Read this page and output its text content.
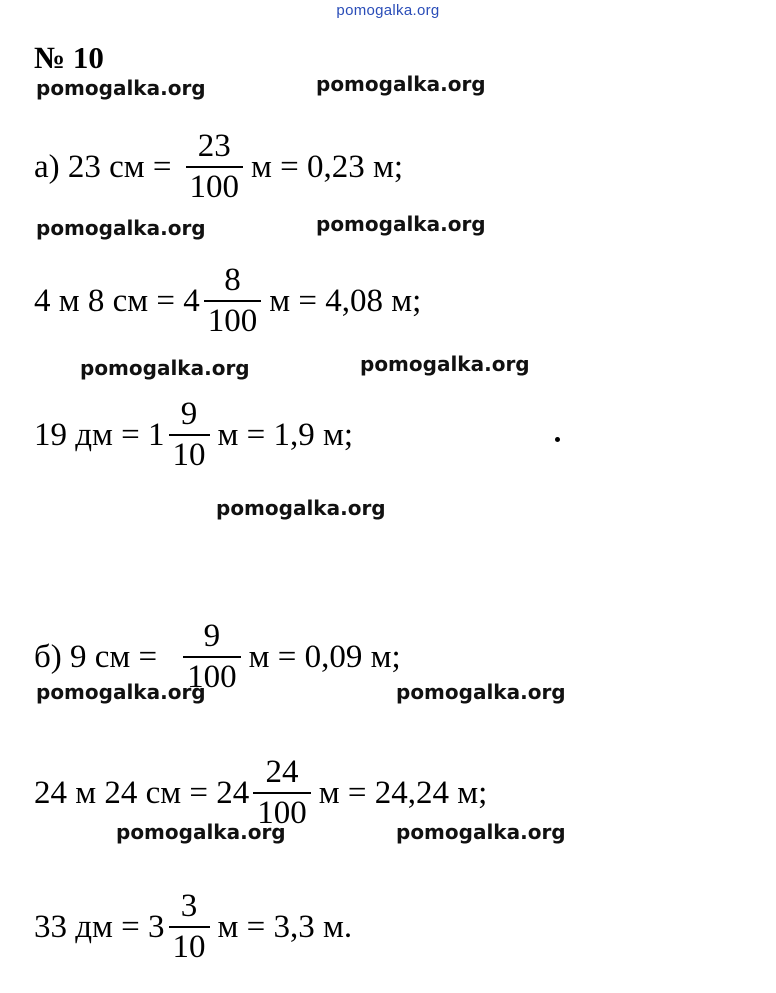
pomogalka.org
№ 10
pomogalka.org	pomogalka.org
pomogalka.org	pomogalka.org
pomogalka.org	pomogalka.org
pomogalka.org
pomogalka.org
pomogalka.org	pomogalka.org
а) 23 см = $\frac{23}{100}$ м = 0,23 м;
4 м 8 см = $4 \frac{8}{100}$ м = 4,08 м;
19 дм = $1 \frac{9}{10}$ м = 1,9 м;
б) 9 см = $\frac{9}{100}$ м = 0,09 м;
pomogalka.org
24 м 24 см = $24 \frac{24}{100}$ м = 24,24 м;
33 дм = $3 \frac{3}{10}$ м = 3,3 м.
